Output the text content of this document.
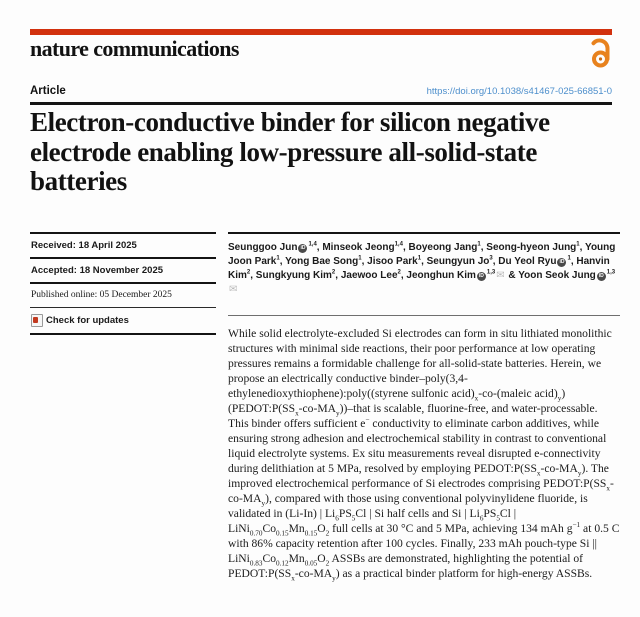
nature communications
Article	https://doi.org/10.1038/s41467-025-66851-0
Electron-conductive binder for silicon negative electrode enabling low-pressure all-solid-state batteries
Received: 18 April 2025
Accepted: 18 November 2025
Published online: 05 December 2025
Check for updates

Seunggoo Jun iD$^{1,4}$, Minseok Jeong$^{1,4}$, Boyeong Jang$^1$, Seong-hyeon Jung$^1$, Young Joon Park$^1$, Yong Bae Song$^1$, Jisoo Park$^1$, Seungyun Jo$^3$, Du Yeol Ryu $iD^1$, Hanvin Kim$^2$, Sungkyung Kim$^2$, Jaewoo Lee$^2$, Jeonghun Kim iD$^{1,3}$✉ & Yoon Seok Jung iD$^{1,3}$✉

While solid electrolyte-excluded Si electrodes can form in situ lithiated monolithic structures with minimal side reactions, their poor performance at low operating pressures remains a formidable challenge for all-solid-state batteries. Herein, we propose an electrically conductive binder–poly(3,4-ethylenedioxythiophene):poly((styrene sulfonic $acid)_x-co-(maleic$ $acid)_y$) $(PEDOT:P(SS_x-co-MA_y))$–that is scalable, fluorine-free, and water-processable. This binder offers sufficient e− conductivity to eliminate carbon additives, while ensuring strong adhesion and electrochemical stability in contrast to conventional liquid electrolyte systems. Ex situ measurements reveal disrupted e-connectivity during delithiation at 5 MPa, resolved by employing $PEDOT:P(SS_x-co-MA_y)$. The improved electrochemical performance of Si electrodes comprising $PEDOT:P(SS_x-co-MA_y)$, compared with those using conventional polyvinylidene fluoride, is validated in (Li-In) | $Li_6PS_5Cl$ | Si half cells and Si | $Li_6PS_5Cl$ | $LiNi_{0.70}Co_{0.15}Mn_{0.15}O_2$ full cells at 30 °C and 5 MPa, achieving 134 mAh $g^{-1}$ at 0.5 C with 86% capacity retention after 100 cycles. Finally, 233 mAh pouch-type Si || $LiNi_{0.83}Co_{0.12}Mn_{0.05}O_2$ ASSBs are demonstrated, highlighting the potential of $PEDOT:P(SS_x-co-MA_y)$ as a practical binder platform for high-energy ASSBs.
